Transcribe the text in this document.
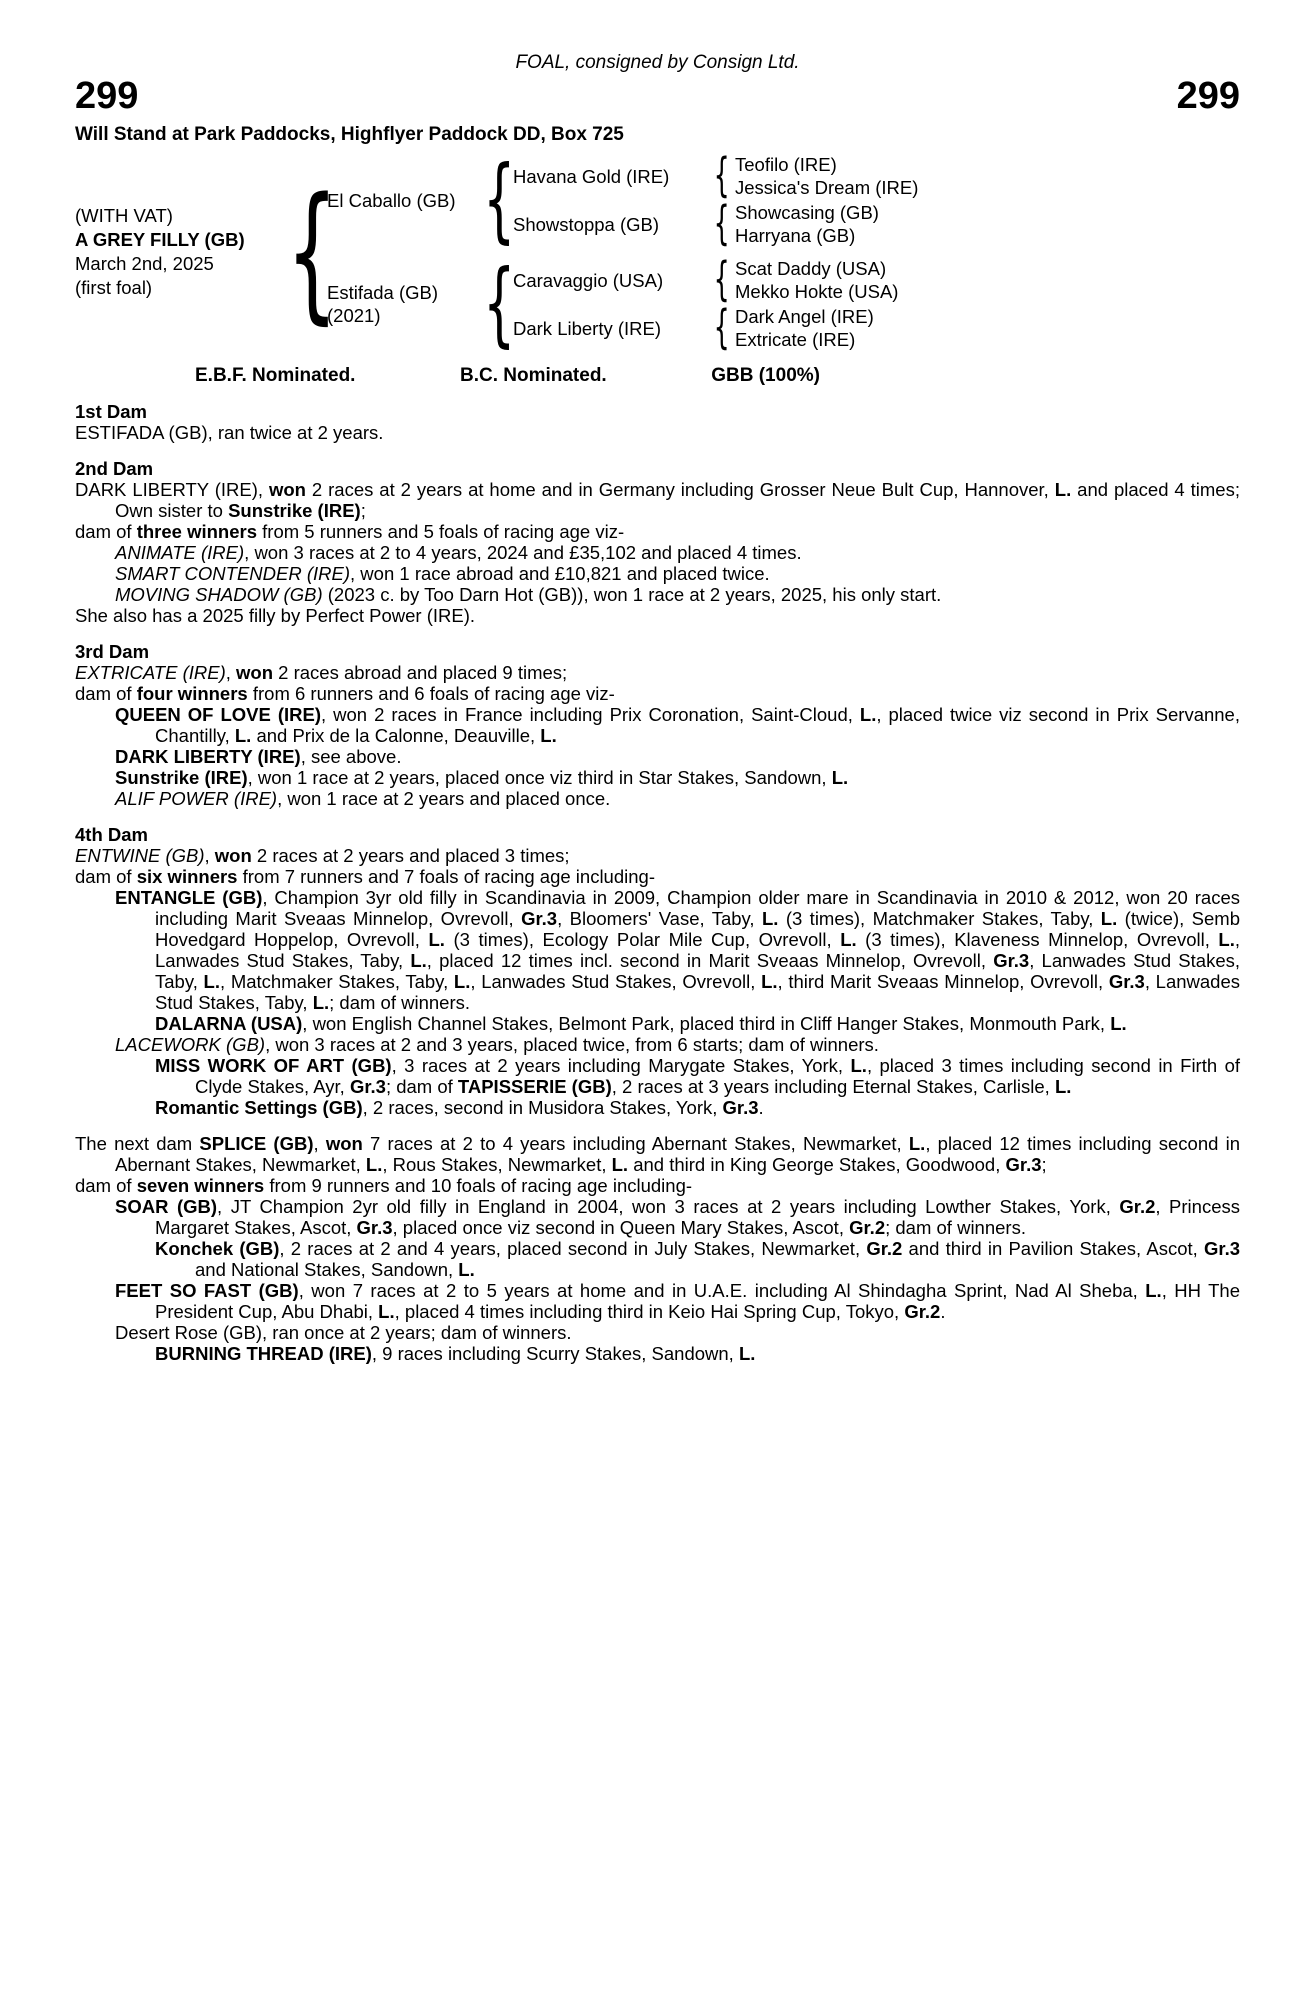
FOAL, consigned by Consign Ltd.
299	299
Will Stand at Park Paddocks, Highflyer Paddock DD, Box 725
(WITH VAT)
A GREY FILLY (GB)
March 2nd, 2025
(first foal) {
El Caballo (GB) {
Havana Gold (IRE) { Teofilo (IRE)
Jessica's Dream (IRE)
Showstoppa (GB)	{ Showcasing (GB)
Harryana (GB)
Estifada (GB)
(2021)	{
Caravaggio (USA)	{ Scat Daddy (USA)
Mekko Hokte (USA)
Dark Liberty (IRE)	{ Dark Angel (IRE)
Extricate (IRE)
E.B.F. Nominated.	B.C. Nominated.	GBB (100%)
1st Dam

ESTIFADA (GB), ran twice at 2 years.

2nd Dam

DARK LIBERTY (IRE), won 2 races at 2 years at home and in Germany including Grosser Neue Bult Cup, Hannover, L. and placed 4 times; Own sister to Sunstrike (IRE);

dam of three winners from 5 runners and 5 foals of racing age viz-

ANIMATE (IRE), won 3 races at 2 to 4 years, 2024 and £35,102 and placed 4 times.

SMART CONTENDER (IRE), won 1 race abroad and £10,821 and placed twice.

MOVING SHADOW (GB) (2023 c. by Too Darn Hot (GB)), won 1 race at 2 years, 2025, his only start.

She also has a 2025 filly by Perfect Power (IRE).

3rd Dam

EXTRICATE (IRE), won 2 races abroad and placed 9 times;

dam of four winners from 6 runners and 6 foals of racing age viz-

QUEEN OF LOVE (IRE), won 2 races in France including Prix Coronation, Saint-Cloud, L., placed twice viz second in Prix Servanne, Chantilly, L. and Prix de la Calonne, Deauville, L.

DARK LIBERTY (IRE), see above.

Sunstrike (IRE), won 1 race at 2 years, placed once viz third in Star Stakes, Sandown, L.

ALIF POWER (IRE), won 1 race at 2 years and placed once.

4th Dam

ENTWINE (GB), won 2 races at 2 years and placed 3 times;

dam of six winners from 7 runners and 7 foals of racing age including-

ENTANGLE (GB), Champion 3yr old filly in Scandinavia in 2009, Champion older mare in Scandinavia in 2010 & 2012, won 20 races including Marit Sveaas Minnelop, Ovrevoll, Gr.3, Bloomers' Vase, Taby, L. (3 times), Matchmaker Stakes, Taby, L. (twice), Semb Hovedgard Hoppelop, Ovrevoll, L. (3 times), Ecology Polar Mile Cup, Ovrevoll, L. (3 times), Klaveness Minnelop, Ovrevoll, L., Lanwades Stud Stakes, Taby, L., placed 12 times incl. second in Marit Sveaas Minnelop, Ovrevoll, Gr.3, Lanwades Stud Stakes, Taby, L., Matchmaker Stakes, Taby, L., Lanwades Stud Stakes, Ovrevoll, L., third Marit Sveaas Minnelop, Ovrevoll, Gr.3, Lanwades Stud Stakes, Taby, L.; dam of winners.

DALARNA (USA), won English Channel Stakes, Belmont Park, placed third in Cliff Hanger Stakes, Monmouth Park, L.

LACEWORK (GB), won 3 races at 2 and 3 years, placed twice, from 6 starts; dam of winners.

MISS WORK OF ART (GB), 3 races at 2 years including Marygate Stakes, York, L., placed 3 times including second in Firth of Clyde Stakes, Ayr, Gr.3; dam of TAPISSERIE (GB), 2 races at 3 years including Eternal Stakes, Carlisle, L.

Romantic Settings (GB), 2 races, second in Musidora Stakes, York, Gr.3.

The next dam SPLICE (GB), won 7 races at 2 to 4 years including Abernant Stakes, Newmarket, L., placed 12 times including second in Abernant Stakes, Newmarket, L., Rous Stakes, Newmarket, L. and third in King George Stakes, Goodwood, Gr.3;

dam of seven winners from 9 runners and 10 foals of racing age including-

SOAR (GB), JT Champion 2yr old filly in England in 2004, won 3 races at 2 years including Lowther Stakes, York, Gr.2, Princess Margaret Stakes, Ascot, Gr.3, placed once viz second in Queen Mary Stakes, Ascot, Gr.2; dam of winners.

Konchek (GB), 2 races at 2 and 4 years, placed second in July Stakes, Newmarket, Gr.2 and third in Pavilion Stakes, Ascot, Gr.3 and National Stakes, Sandown, L.

FEET SO FAST (GB), won 7 races at 2 to 5 years at home and in U.A.E. including Al Shindagha Sprint, Nad Al Sheba, L., HH The President Cup, Abu Dhabi, L., placed 4 times including third in Keio Hai Spring Cup, Tokyo, Gr.2.

Desert Rose (GB), ran once at 2 years; dam of winners.

BURNING THREAD (IRE), 9 races including Scurry Stakes, Sandown, L.
